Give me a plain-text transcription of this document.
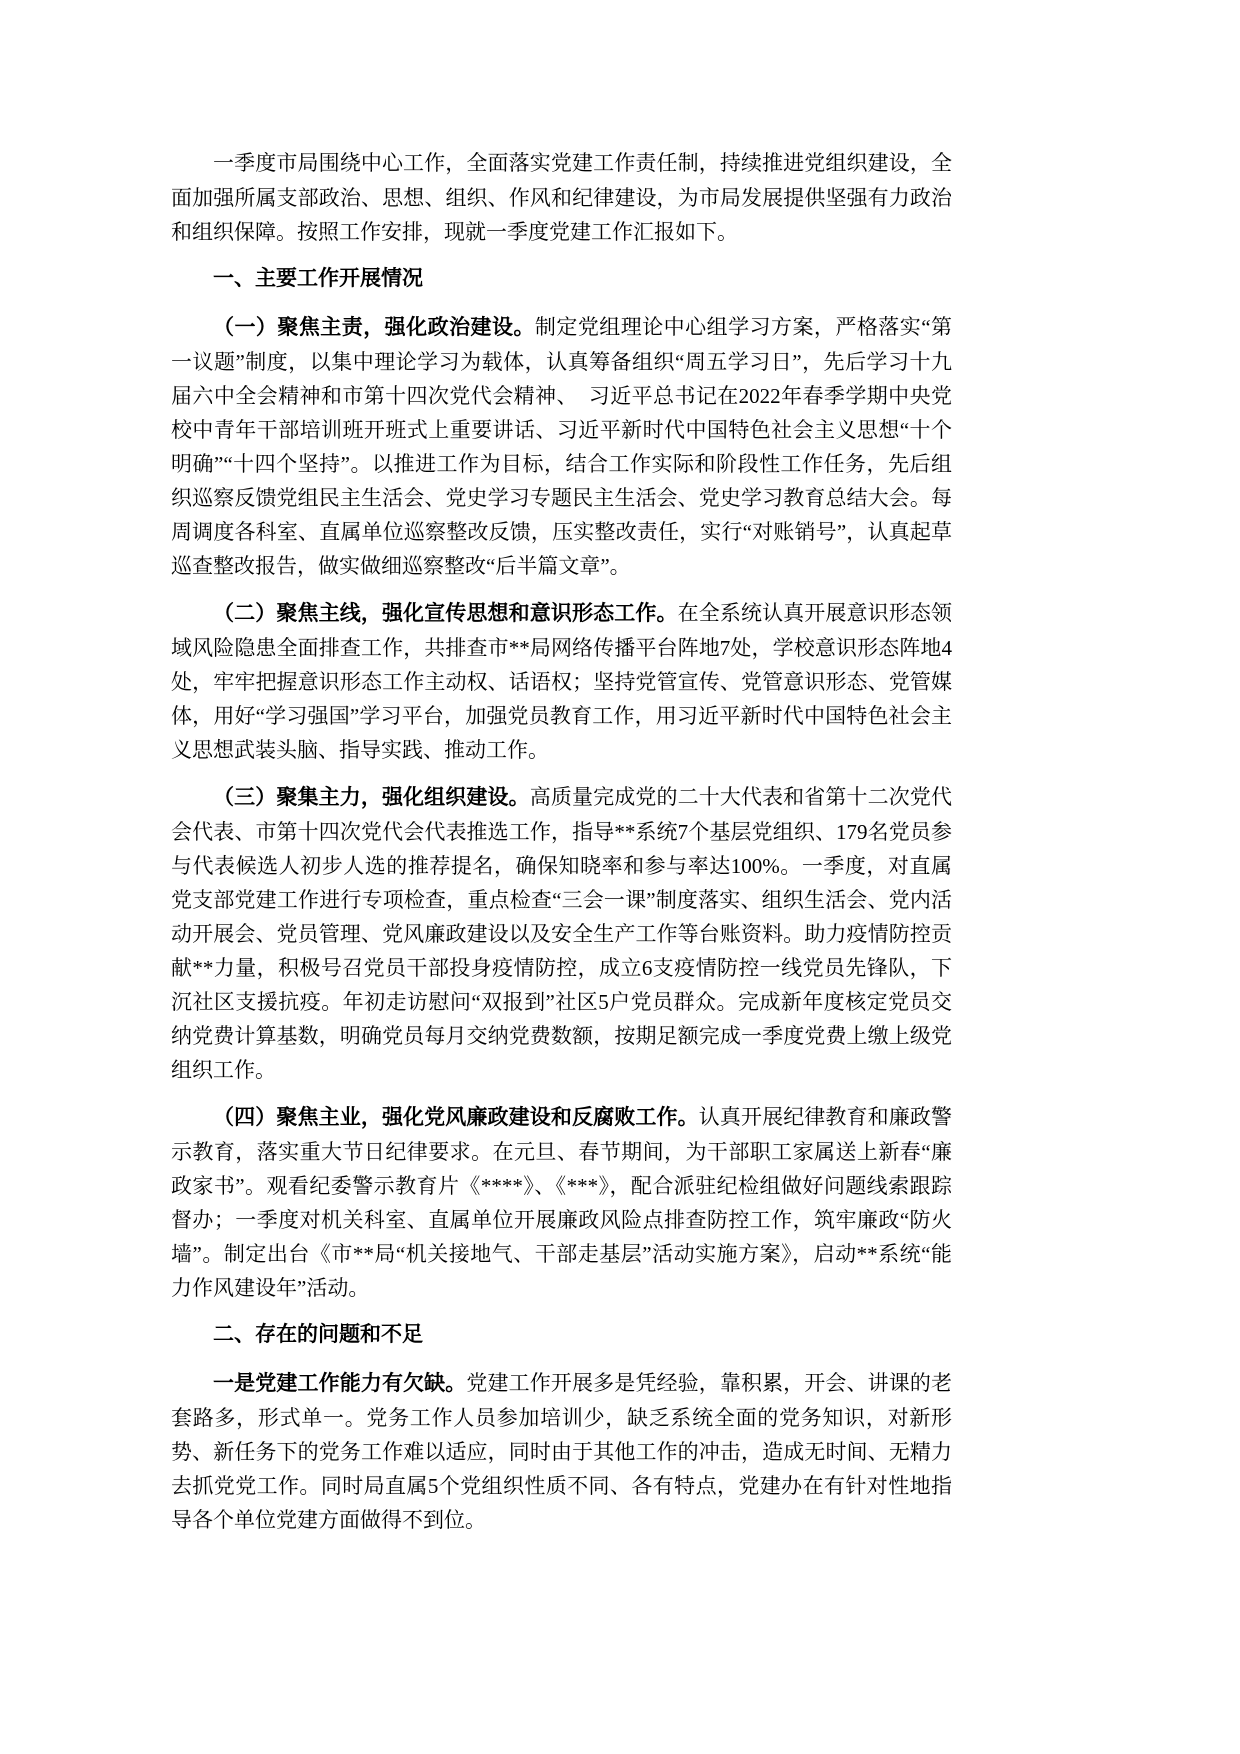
一季度市局围绕中心工作，全面落实党建工作责任制，持续推进党组织建设，全面加强所属支部政治、思想、组织、作风和纪律建设，为市局发展提供坚强有力政治和组织保障。按照工作安排，现就一季度党建工作汇报如下。

一、主要工作开展情况

（一）聚焦主责，强化政治建设。制定党组理论中心组学习方案，严格落实“第一议题”制度，以集中理论学习为载体，认真筹备组织“周五学习日”，先后学习十九届六中全会精神和市第十四次党代会精神、　习近平总书记在2022年春季学期中央党校中青年干部培训班开班式上重要讲话、习近平新时代中国特色社会主义思想“十个明确”“十四个坚持”。以推进工作为目标，结合工作实际和阶段性工作任务，先后组织巡察反馈党组民主生活会、党史学习专题民主生活会、党史学习教育总结大会。每周调度各科室、直属单位巡察整改反馈，压实整改责任，实行“对账销号”，认真起草巡查整改报告，做实做细巡察整改“后半篇文章”。

（二）聚焦主线，强化宣传思想和意识形态工作。在全系统认真开展意识形态领域风险隐患全面排查工作，共排查市**局网络传播平台阵地7处，学校意识形态阵地4处，牢牢把握意识形态工作主动权、话语权；坚持党管宣传、党管意识形态、党管媒体，用好“学习强国”学习平台，加强党员教育工作，用习近平新时代中国特色社会主义思想武装头脑、指导实践、推动工作。

（三）聚集主力，强化组织建设。高质量完成党的二十大代表和省第十二次党代会代表、市第十四次党代会代表推选工作，指导**系统7个基层党组织、179名党员参与代表候选人初步人选的推荐提名，确保知晓率和参与率达100%。一季度，对直属党支部党建工作进行专项检查，重点检查“三会一课”制度落实、组织生活会、党内活动开展会、党员管理、党风廉政建设以及安全生产工作等台账资料。助力疫情防控贡献**力量，积极号召党员干部投身疫情防控，成立6支疫情防控一线党员先锋队，下沉社区支援抗疫。年初走访慰问“双报到”社区5户党员群众。完成新年度核定党员交纳党费计算基数，明确党员每月交纳党费数额，按期足额完成一季度党费上缴上级党组织工作。

（四）聚焦主业，强化党风廉政建设和反腐败工作。认真开展纪律教育和廉政警示教育，落实重大节日纪律要求。在元旦、春节期间，为干部职工家属送上新春“廉政家书”。观看纪委警示教育片《****》、《***》，配合派驻纪检组做好问题线索跟踪督办；一季度对机关科室、直属单位开展廉政风险点排查防控工作，筑牢廉政“防火墙”。制定出台《市**局“机关接地气、干部走基层”活动实施方案》，启动**系统“能力作风建设年”活动。

二、存在的问题和不足

一是党建工作能力有欠缺。党建工作开展多是凭经验，靠积累，开会、讲课的老套路多，形式单一。党务工作人员参加培训少，缺乏系统全面的党务知识，对新形势、新任务下的党务工作难以适应，同时由于其他工作的冲击，造成无时间、无精力去抓党党工作。同时局直属5个党组织性质不同、各有特点，党建办在有针对性地指导各个单位党建方面做得不到位。
